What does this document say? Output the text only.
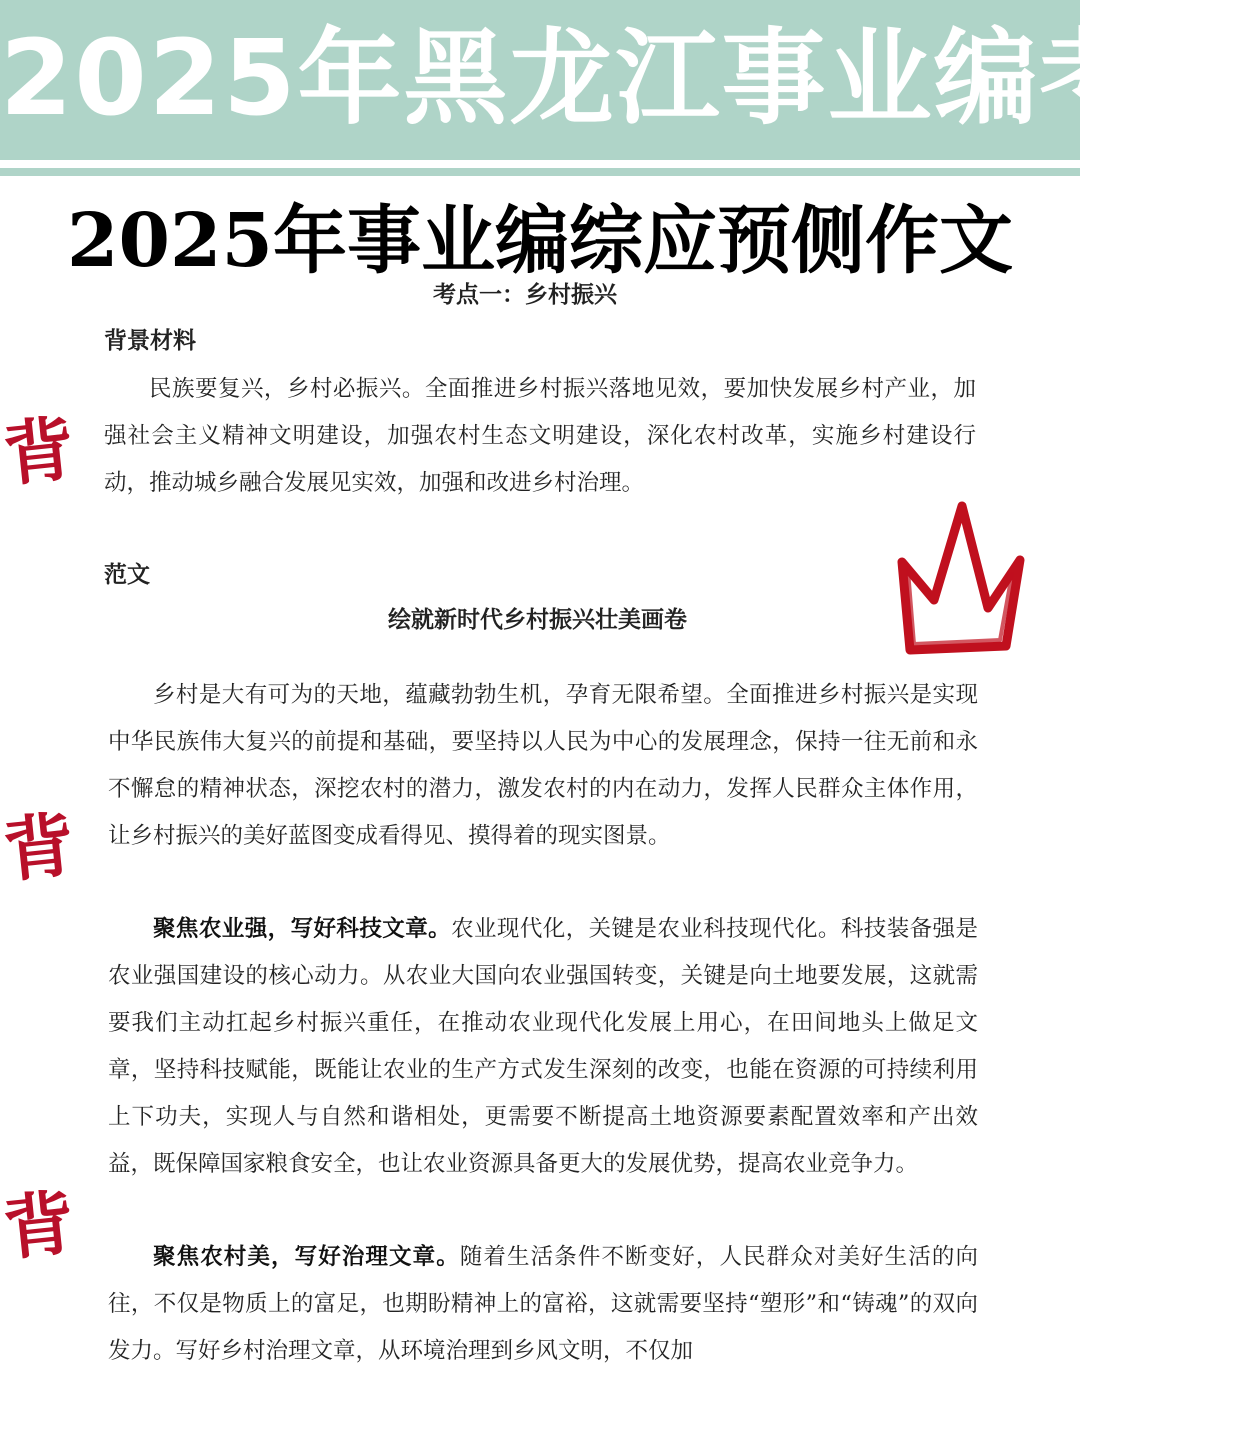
2025年黑龙江事业编考试
2025年事业编综应预侧作文
考点一：乡村振兴
背景材料

民族要复兴，乡村必振兴。全面推进乡村振兴落地见效，要加快发展乡村产业，加强社会主义精神文明建设，加强农村生态文明建设，深化农村改革，实施乡村建设行动，推动城乡融合发展见实效，加强和改进乡村治理。

范文
绘就新时代乡村振兴壮美画卷

乡村是大有可为的天地，蕴藏勃勃生机，孕育无限希望。全面推进乡村振兴是实现中华民族伟大复兴的前提和基础，要坚持以人民为中心的发展理念，保持一往无前和永不懈怠的精神状态，深挖农村的潜力，激发农村的内在动力，发挥人民群众主体作用，让乡村振兴的美好蓝图变成看得见、摸得着的现实图景。

聚焦农业强，写好科技文章。农业现代化，关键是农业科技现代化。科技装备强是农业强国建设的核心动力。从农业大国向农业强国转变，关键是向土地要发展，这就需要我们主动扛起乡村振兴重任，在推动农业现代化发展上用心，在田间地头上做足文章，坚持科技赋能，既能让农业的生产方式发生深刻的改变，也能在资源的可持续利用上下功夫，实现人与自然和谐相处，更需要不断提高土地资源要素配置效率和产出效益，既保障国家粮食安全，也让农业资源具备更大的发展优势，提高农业竞争力。

聚焦农村美，写好治理文章。随着生活条件不断变好，人民群众对美好生活的向往，不仅是物质上的富足，也期盼精神上的富裕，这就需要坚持“塑形”和“铸魂”的双向发力。写好乡村治理文章，从环境治理到乡风文明，不仅加

背
背
背
